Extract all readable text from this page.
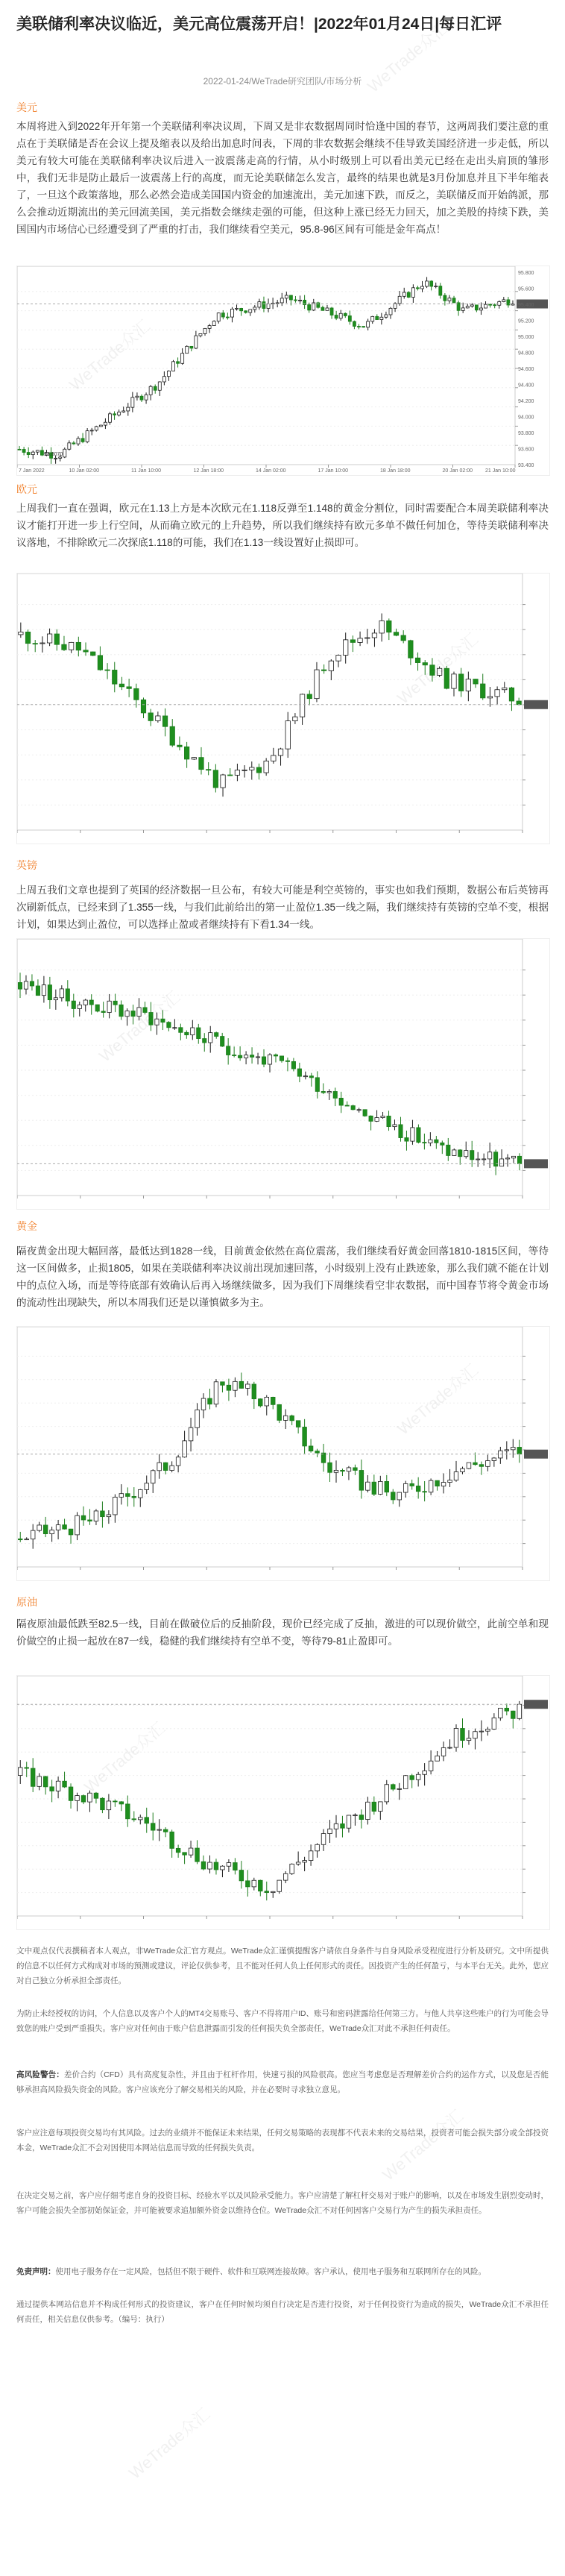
美联储利率决议临近，美元高位震荡开启！|2022年01月24日|每日汇评
2022-01-24/WeTrade研究团队/市场分析
美元
本周将进入到2022年开年第一个美联储利率决议周，下周又是非农数据周同时恰逢中国的春节，这两周我们要注意的重点在于美联储是否在会议上提及缩表以及给出加息时间表，下周的非农数据会继续不佳导致美国经济进一步走低，所以美元有较大可能在美联储利率决议后进入一波震荡走高的行情，从小时级别上可以看出美元已经在走出头肩顶的雏形中，我们无非是防止最后一波震荡上行的高度，而无论美联储怎么发言，最终的结果也就是3月份加息并且下半年缩表了，一旦这个政策落地，那么必然会造成美国国内资金的加速流出，美元加速下跌，而反之，美联储反而开始鸽派，那么会推动近期流出的美元回流美国，美元指数会继续走强的可能，但这种上涨已经无力回天，加之美股的持续下跌，美国国内市场信心已经遭受到了严重的打击，我们继续看空美元，95.8-96区间有可能是金年高点！
95.800
95.600
95.400
95.200
95.000
94.800
94.600
94.400
94.200
94.000
93.800
93.600
93.400
7 Jan 2022	10 Jan 02:00	11 Jan 10:00	12 Jan 18:00	14 Jan 02:00	17 Jan 10:00	18 Jan 18:00	20 Jan 02:00 21 Jan 10:00
93.8070
欧元
上周我们一直在强调，欧元在1.13上方是本次欧元在1.118反弹至1.148的黄金分割位，同时需要配合本周美联储利率决议才能打开进一步上行空间，从而确立欧元的上升趋势，所以我们继续持有欧元多单不做任何加仓，等待美联储利率决议落地，不排除欧元二次探底1.118的可能，我们在1.13一线设置好止损即可。
英镑
上周五我们文章也提到了英国的经济数据一旦公布，有较大可能是利空英镑的，事实也如我们预期，数据公布后英镑再次刷新低点，已经来到了1.355一线，与我们此前给出的第一止盈位1.35一线之隔，我们继续持有英镑的空单不变，根据计划，如果达到止盈位，可以选择止盈或者继续持有下看1.34一线。
黄金
隔夜黄金出现大幅回落，最低达到1828一线，目前黄金依然在高位震荡，我们继续看好黄金回落1810-1815区间，等待这一区间做多，止损1805，如果在美联储利率决议前出现加速回落，小时级别上没有止跌迹象，那么我们就不能在计划中的点位入场，而是等待底部有效确认后再入场继续做多，因为我们下周继续看空非农数据，而中国春节将令黄金市场的流动性出现缺失，所以本周我们还是以谨慎做多为主。
原油
隔夜原油最低跌至82.5一线，目前在做破位后的反抽阶段，现价已经完成了反抽，激进的可以现价做空，此前空单和现价做空的止损一起放在87一线，稳健的我们继续持有空单不变，等待79-81止盈即可。
文中观点仅代表撰稿者本人观点，非WeTrade众汇官方观点。WeTrade众汇谨慎提醒客户请依自身条件与自身风险承受程度进行分析及研究。文中所提供的信息不以任何方式构成对市场的预测或建议，评论仅供参考，且不能对任何人负上任何形式的责任。因投资产生的任何盈亏，与本平台无关。此外，您应对自己独立分析承担全部责任。
为防止未经授权的访问，个人信息以及客户个人的MT4交易账号、客户不得将用户ID、账号和密码泄露给任何第三方。与他人共享这些账户的行为可能会导致您的账户受到严重损失。客户应对任何由于账户信息泄露而引发的任何损失负全部责任，WeTrade众汇对此不承担任何责任。
高风险警告：差价合约（CFD）具有高度复杂性，并且由于杠杆作用，快速亏损的风险很高。您应当考虑您是否理解差价合约的运作方式，以及您是否能够承担高风险损失资金的风险。客户应该充分了解交易相关的风险，并在必要时寻求独立意见。
客户应注意每项投资交易均有其风险。过去的业绩并不能保证未来结果，任何交易策略的表现都不代表未来的交易结果，投资者可能会损失部分或全部投资本金，WeTrade众汇不会对因使用本网站信息而导致的任何损失负责。
在决定交易之前，客户应仔细考虑自身的投资目标、经验水平以及风险承受能力。客户应清楚了解杠杆交易对于账户的影响，以及在市场发生剧烈变动时，客户可能会损失全部初始保证金，并可能被要求追加额外资金以维持仓位。WeTrade众汇不对任何因客户交易行为产生的损失承担责任。
免责声明：使用电子服务存在一定风险，包括但不限于硬件、软件和互联网连接故障。客户承认，使用电子服务和互联网所存在的风险。
通过提供本网站信息并不构成任何形式的投资建议，客户在任何时候均须自行决定是否进行投资，对于任何投资行为造成的损失，WeTrade众汇不承担任何责任，相关信息仅供参考。（编号：执行）
WeTrade众汇
WeTrade众汇
WeTrade众汇
